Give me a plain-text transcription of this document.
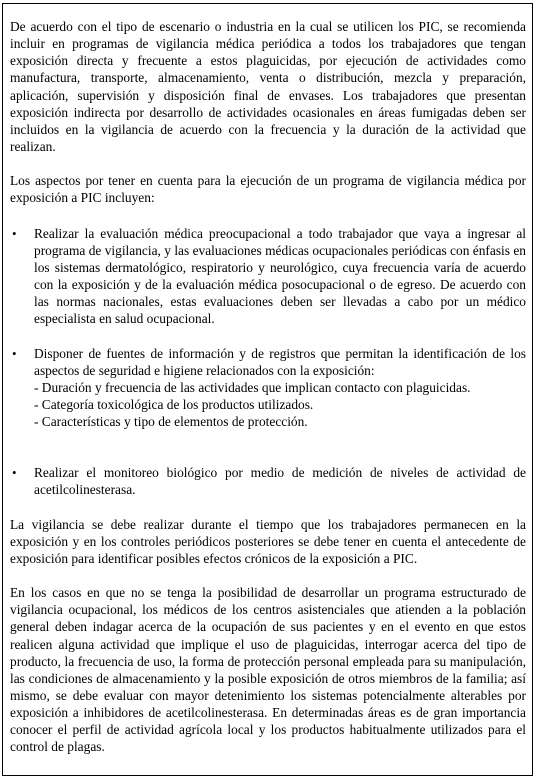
De acuerdo con el tipo de escenario o industria en la cual se utilicen los PIC, se recomienda incluir en programas de vigilancia médica periódica a todos los trabajadores que tengan exposición directa y frecuente a estos plaguicidas, por ejecución de actividades como manufactura, transporte, almacenamiento, venta o distribución, mezcla y preparación, aplicación, supervisión y disposición final de envases. Los trabajadores que presentan exposición indirecta por desarrollo de actividades ocasionales en áreas fumigadas deben ser incluidos en la vigilancia de acuerdo con la frecuencia y la duración de la actividad que realizan.

Los aspectos por tener en cuenta para la ejecución de un programa de vigilancia médica por exposición a PIC incluyen:

• Realizar la evaluación médica preocupacional a todo trabajador que vaya a ingresar al programa de vigilancia, y las evaluaciones médicas ocupacionales periódicas con énfasis en los sistemas dermatológico, respiratorio y neurológico, cuya frecuencia varía de acuerdo con la exposición y de la evaluación médica posocupacional o de egreso. De acuerdo con las normas nacionales, estas evaluaciones deben ser llevadas a cabo por un médico especialista en salud ocupacional.

• Disponer de fuentes de información y de registros que permitan la identificación de los aspectos de seguridad e higiene relacionados con la exposición:

- Duración y frecuencia de las actividades que implican contacto con plaguicidas.
- Categoría toxicológica de los productos utilizados.
- Características y tipo de elementos de protección.

• Realizar el monitoreo biológico por medio de medición de niveles de actividad de acetilcolinesterasa.

La vigilancia se debe realizar durante el tiempo que los trabajadores permanecen en la exposición y en los controles periódicos posteriores se debe tener en cuenta el antecedente de exposición para identificar posibles efectos crónicos de la exposición a PIC.

En los casos en que no se tenga la posibilidad de desarrollar un programa estructurado de vigilancia ocupacional, los médicos de los centros asistenciales que atienden a la población general deben indagar acerca de la ocupación de sus pacientes y en el evento en que estos realicen alguna actividad que implique el uso de plaguicidas, interrogar acerca del tipo de producto, la frecuencia de uso, la forma de protección personal empleada para su manipulación, las condiciones de almacenamiento y la posible exposición de otros miembros de la familia; así mismo, se debe evaluar con mayor detenimiento los sistemas potencialmente alterables por exposición a inhibidores de acetilcolinesterasa. En determinadas áreas es de gran importancia conocer el perfil de actividad agrícola local y los productos habitualmente utilizados para el control de plagas.
